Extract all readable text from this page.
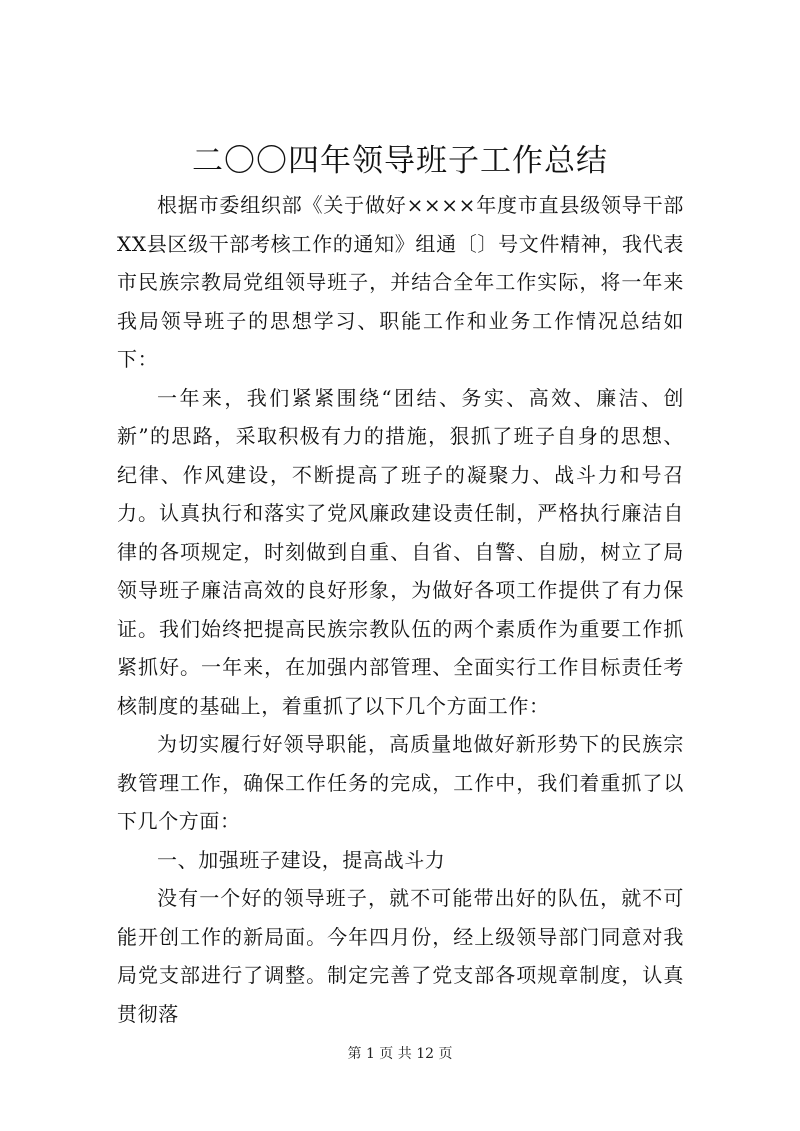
二〇〇四年领导班子工作总结

根据市委组织部《关于做好××××年度市直县级领导干部XX县区级干部考核工作的通知》组通〔〕号文件精神，我代表市民族宗教局党组领导班子，并结合全年工作实际，将一年来我局领导班子的思想学习、职能工作和业务工作情况总结如下：

一年来，我们紧紧围绕“团结、务实、高效、廉洁、创新”的思路，采取积极有力的措施，狠抓了班子自身的思想、纪律、作风建设，不断提高了班子的凝聚力、战斗力和号召力。认真执行和落实了党风廉政建设责任制，严格执行廉洁自律的各项规定，时刻做到自重、自省、自警、自励，树立了局领导班子廉洁高效的良好形象，为做好各项工作提供了有力保证。我们始终把提高民族宗教队伍的两个素质作为重要工作抓紧抓好。一年来，在加强内部管理、全面实行工作目标责任考核制度的基础上，着重抓了以下几个方面工作：

为切实履行好领导职能，高质量地做好新形势下的民族宗教管理工作，确保工作任务的完成，工作中，我们着重抓了以下几个方面：

一、加强班子建设，提高战斗力

没有一个好的领导班子，就不可能带出好的队伍，就不可能开创工作的新局面。今年四月份，经上级领导部门同意对我局党支部进行了调整。制定完善了党支部各项规章制度，认真贯彻落

第 1 页 共 12 页
